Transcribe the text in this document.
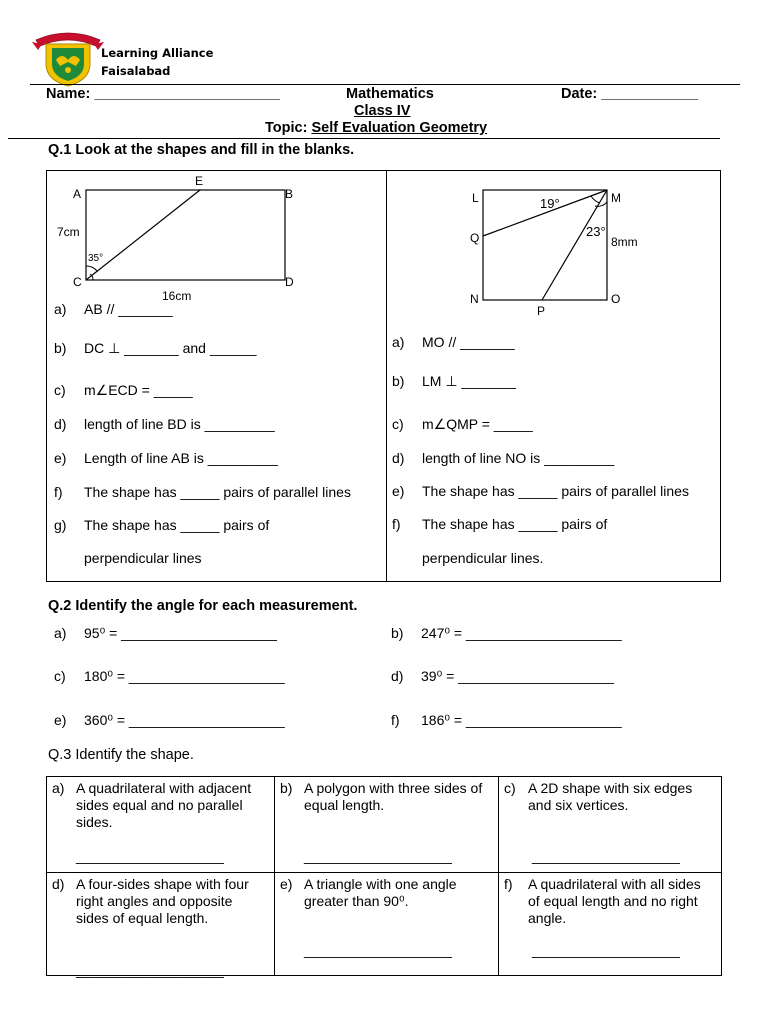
Learning Alliance
Faisalabad
Name: _______________________	Mathematics	Date: ____________
Class IV
Topic: Self Evaluation Geometry
Q.1 Look at the shapes and fill in the blanks.
A
E
B
C	D
7cm
16cm
35°
L	M
Q
N
P
O
19°
23°
8mm
a) AB // _______
b) DC ⊥ _______ and ______
c) m∠ECD = _____
d) length of line BD is _________
e) Length of line AB is _________
f) The shape has _____ pairs of parallel lines
g) The shape has _____ pairs of
perpendicular lines
a) MO // _______
b) LM ⊥ _______
c) m∠QMP = _____
d) length of line NO is _________
e) The shape has _____ pairs of parallel lines
f) The shape has _____ pairs of
perpendicular lines.
Q.2 Identify the angle for each measurement.
a) 95⁰ = ____________________	b) 247⁰ = ____________________
c) 180⁰ = ____________________	d) 39⁰ = ____________________
e) 360⁰ = ____________________	f) 186⁰ = ____________________
Q.3 Identify the shape.
a) A quadrilateral with adjacent sides equal and no parallel sides.
___________________
b) A polygon with three sides of equal length.
___________________
c) A 2D shape with six edges and six vertices.
___________________
d) A four-sides shape with four right angles and opposite sides of equal length.
___________________
e) A triangle with one angle greater than 90⁰.
___________________
f) A quadrilateral with all sides of equal length and no right angle.
___________________
